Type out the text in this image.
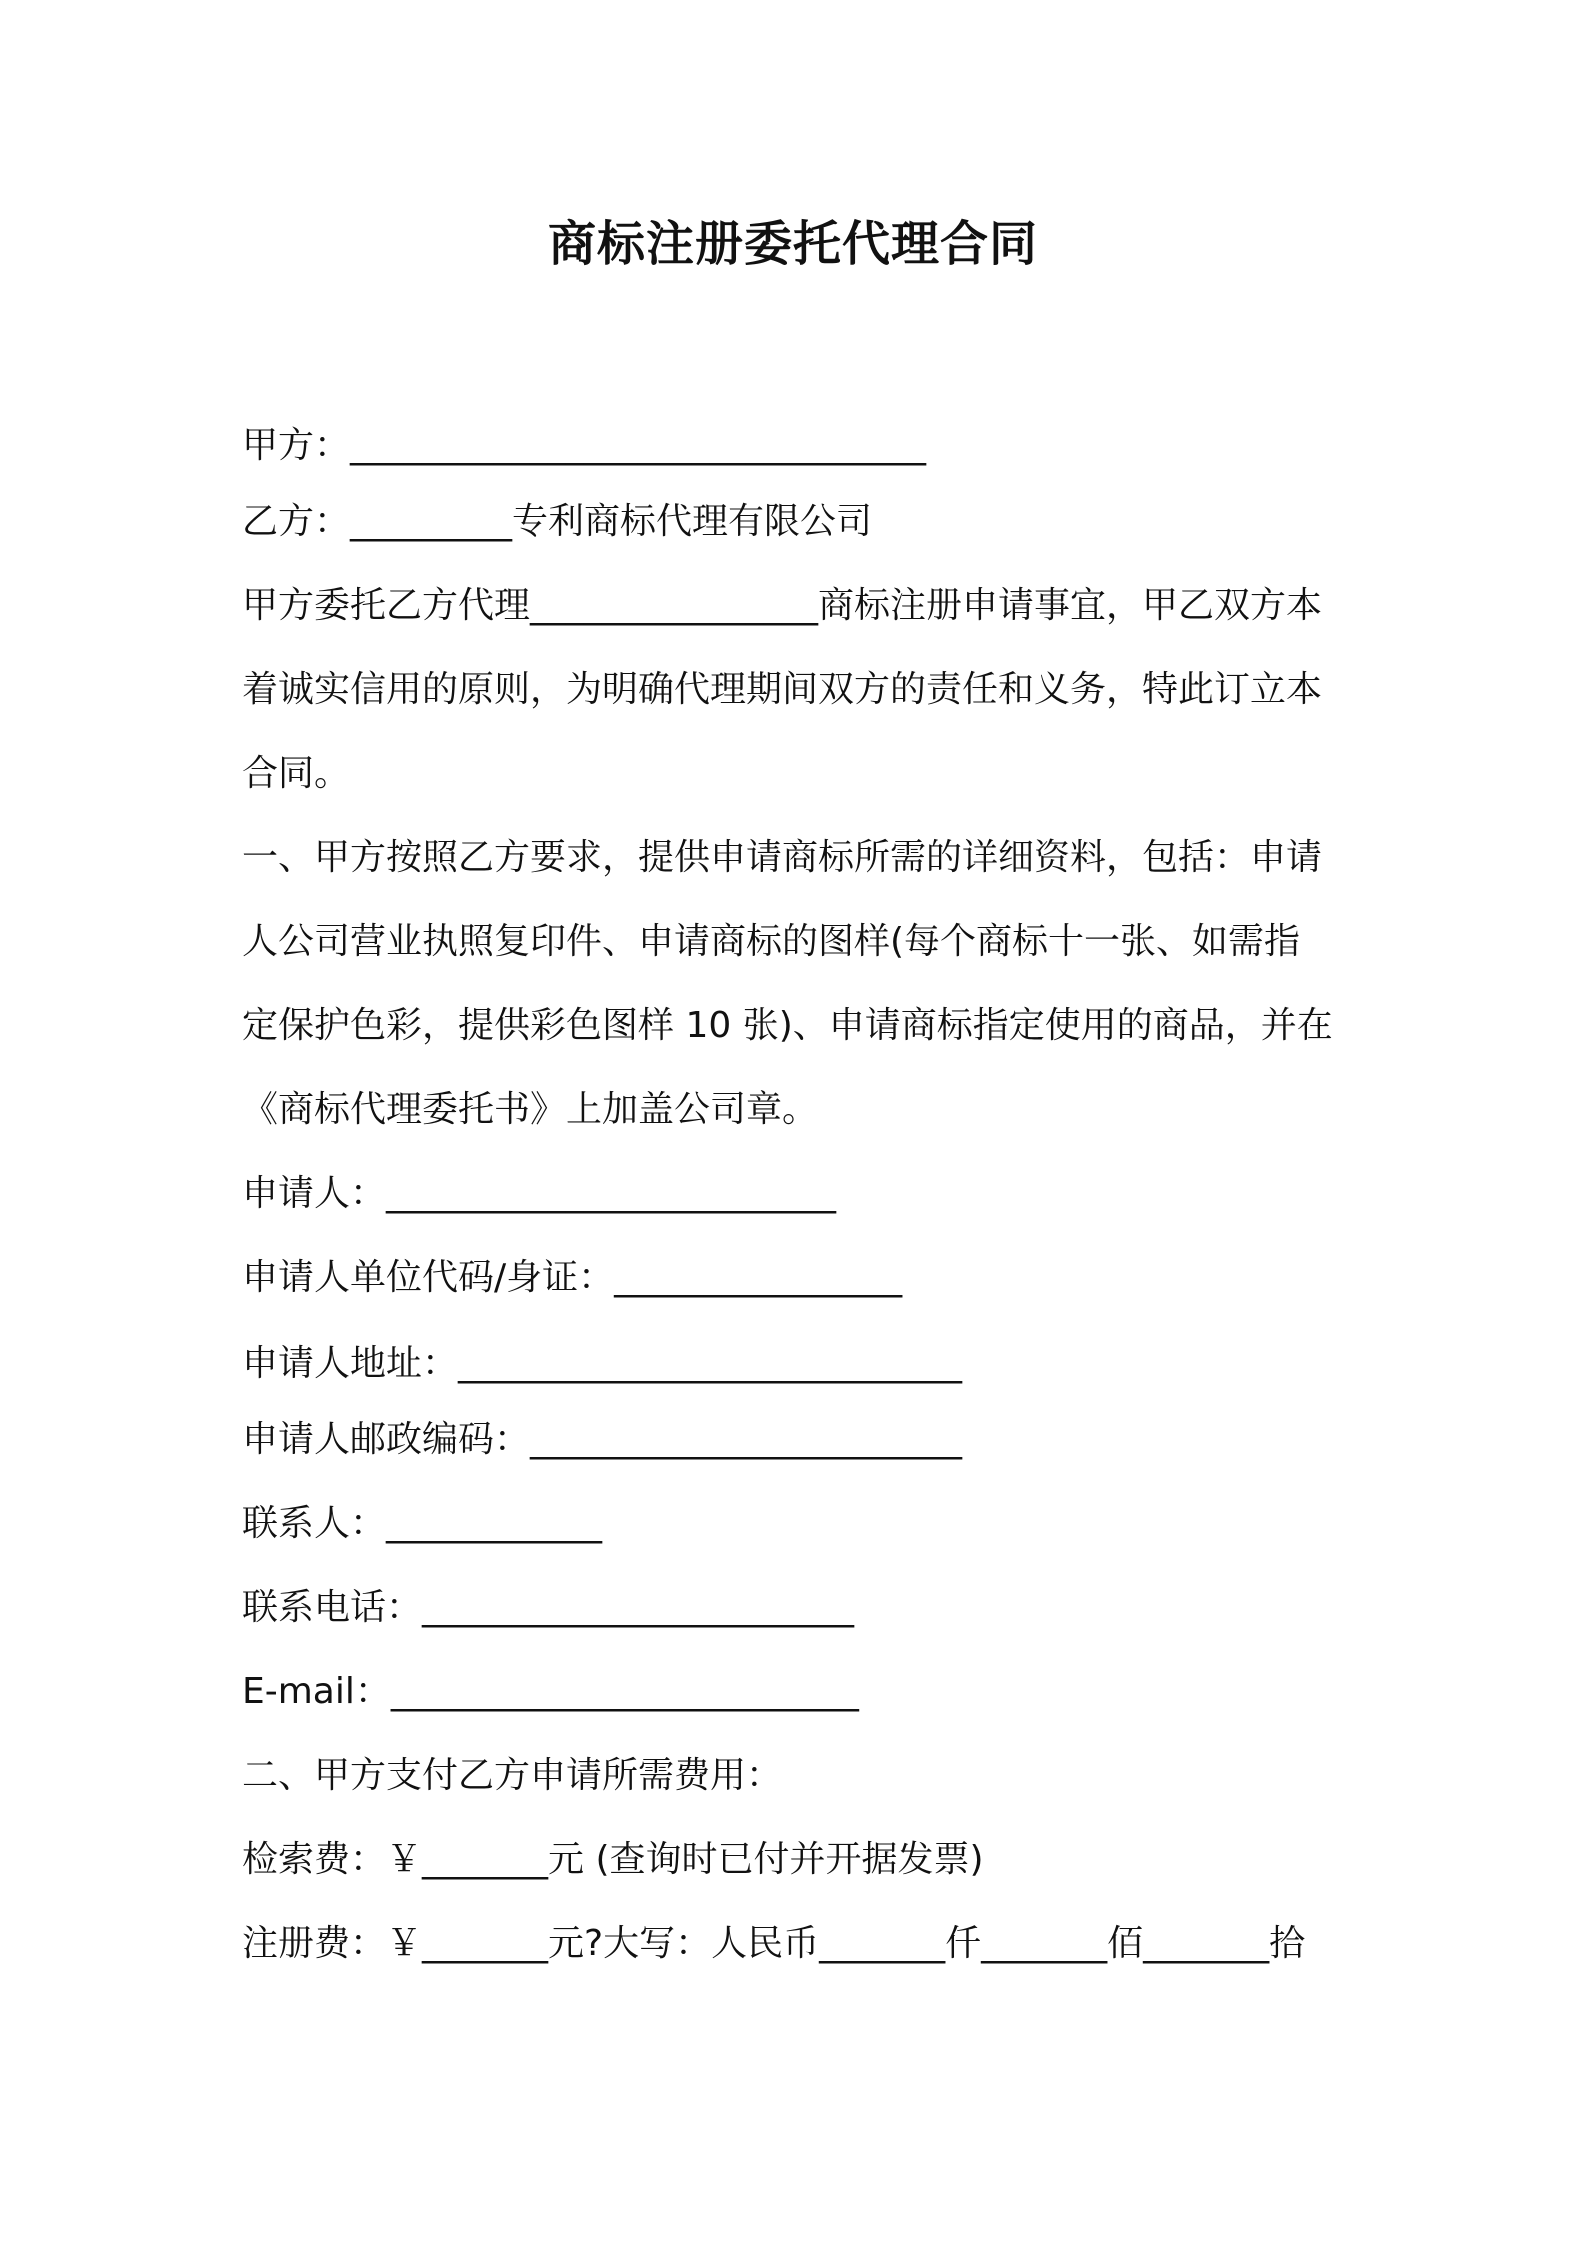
商标注册委托代理合同
甲方：________________________________
乙方：_________专利商标代理有限公司
甲方委托乙方代理________________商标注册申请事宜，甲乙双方本
着诚实信用的原则，为明确代理期间双方的责任和义务，特此订立本
合同。
一、甲方按照乙方要求，提供申请商标所需的详细资料，包括：申请
人公司营业执照复印件、申请商标的图样(每个商标十一张、如需指
定保护色彩，提供彩色图样 10 张)、申请商标指定使用的商品，并在
《商标代理委托书》上加盖公司章。
申请人：_________________________
申请人单位代码/身证：________________
申请人地址：____________________________
申请人邮政编码：________________________
联系人：____________
联系电话：________________________
E-mail：__________________________
二、甲方支付乙方申请所需费用：
检索费：￥_______元 (查询时已付并开据发票)
注册费：￥_______元?大写：人民币_______仟_______佰_______拾
